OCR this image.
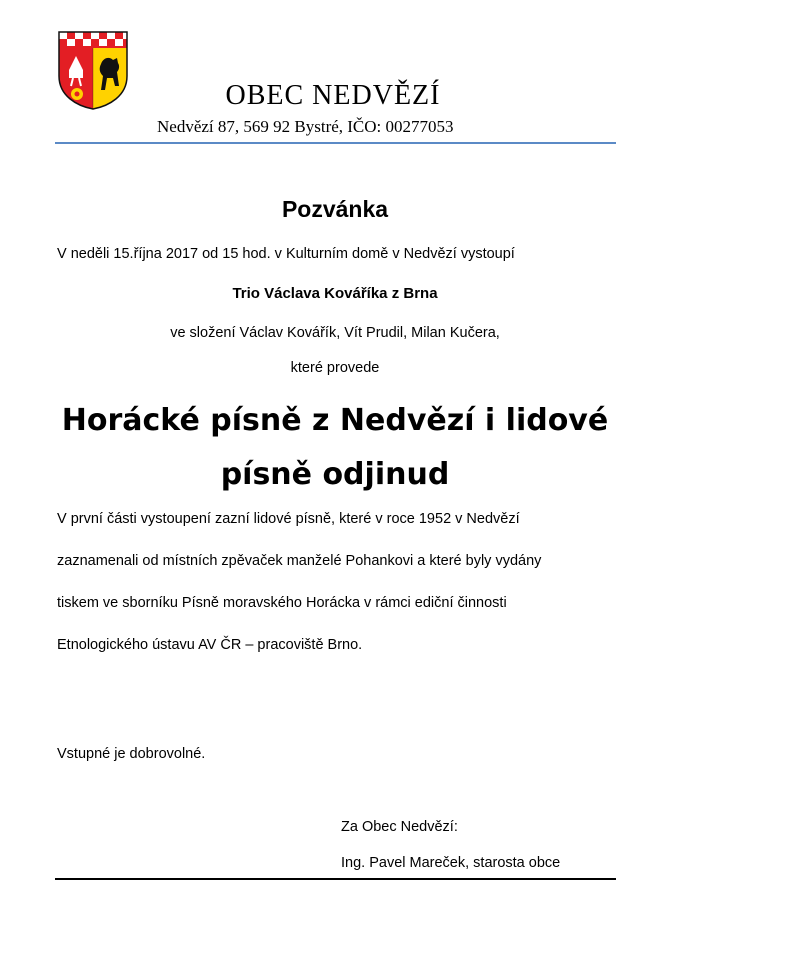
OBEC NEDVĚZÍ
Nedvězí 87, 569 92 Bystré, IČO: 00277053
Pozvánka
V neděli 15.října 2017 od 15 hod. v Kulturním domě v Nedvězí vystoupí
Trio Václava Kováříka z Brna
ve složení Václav Kovářík, Vít Prudil, Milan Kučera,
které provede
Horácké písně z Nedvězí i lidové
písně odjinud
V první části vystoupení zazní lidové písně, které v roce 1952 v Nedvězí
zaznamenali od místních zpěvaček manželé Pohankovi a které byly vydány
tiskem ve sborníku Písně moravského Horácka v rámci ediční činnosti
Etnologického ústavu AV ČR – pracoviště Brno.
Vstupné je dobrovolné.
Za Obec Nedvězí:
Ing. Pavel Mareček, starosta obce
